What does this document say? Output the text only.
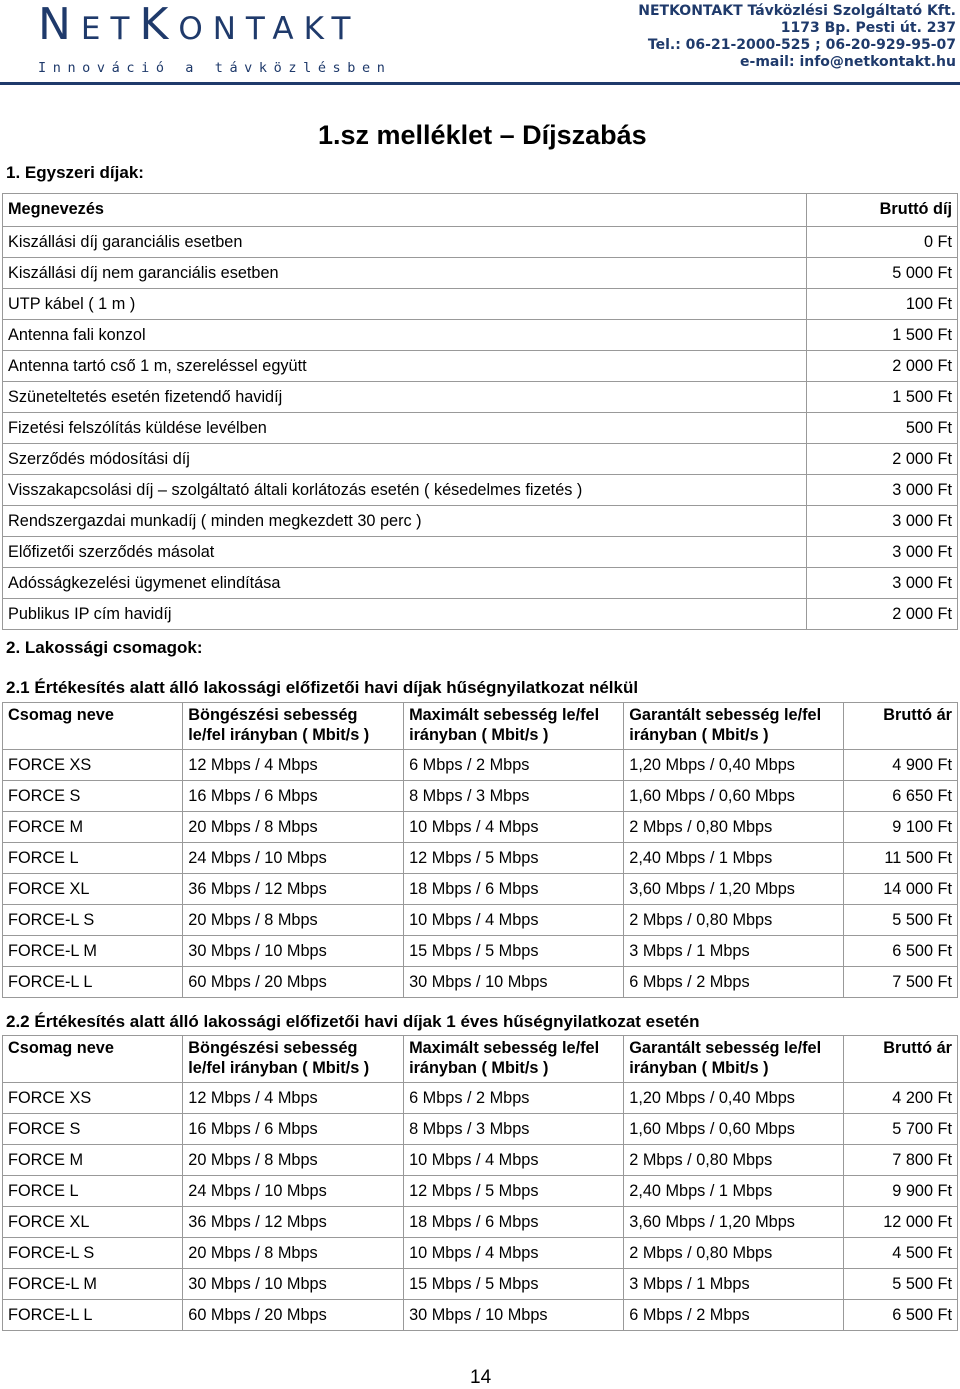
NETKONTAKT
Innováció a távközlésben
NETKONTAKT Távközlési Szolgáltató Kft.
1173 Bp. Pesti út. 237
Tel.: 06-21-2000-525 ; 06-20-929-95-07
e-mail: info@netkontakt.hu
1.sz melléklet – Díjszabás
1. Egyszeri díjak:
Megnevezés	Bruttó díj
Kiszállási díj garanciális esetben	0 Ft
Kiszállási díj nem garanciális esetben	5 000 Ft
UTP kábel ( 1 m )	100 Ft
Antenna fali konzol	1 500 Ft
Antenna tartó cső 1 m, szereléssel együtt	2 000 Ft
Szüneteltetés esetén fizetendő havidíj	1 500 Ft
Fizetési felszólítás küldése levélben	500 Ft
Szerződés módosítási díj	2 000 Ft
Visszakapcsolási díj – szolgáltató általi korlátozás esetén ( késedelmes fizetés )	3 000 Ft
Rendszergazdai munkadíj ( minden megkezdett 30 perc )	3 000 Ft
Előfizetői szerződés másolat	3 000 Ft
Adósságkezelési ügymenet elindítása	3 000 Ft
Publikus IP cím havidíj	2 000 Ft
2. Lakossági csomagok:
2.1 Értékesítés alatt álló lakossági előfizetői havi díjak hűségnyilatkozat nélkül
Csomag neve	Böngészési sebesség le/fel irányban ( Mbit/s )	Maximált sebesség le/fel irányban ( Mbit/s )	Garantált sebesség le/fel irányban ( Mbit/s )	Bruttó ár
FORCE XS	12 Mbps / 4 Mbps	6 Mbps / 2 Mbps	1,20 Mbps / 0,40 Mbps	4 900 Ft
FORCE S	16 Mbps / 6 Mbps	8 Mbps / 3 Mbps	1,60 Mbps / 0,60 Mbps	6 650 Ft
FORCE M	20 Mbps / 8 Mbps	10 Mbps / 4 Mbps	2 Mbps / 0,80 Mbps	9 100 Ft
FORCE L	24 Mbps / 10 Mbps	12 Mbps / 5 Mbps	2,40 Mbps / 1 Mbps	11 500 Ft
FORCE XL	36 Mbps / 12 Mbps	18 Mbps / 6 Mbps	3,60 Mbps / 1,20 Mbps	14 000 Ft
FORCE-L S	20 Mbps / 8 Mbps	10 Mbps / 4 Mbps	2 Mbps / 0,80 Mbps	5 500 Ft
FORCE-L M	30 Mbps / 10 Mbps	15 Mbps / 5 Mbps	3 Mbps / 1 Mbps	6 500 Ft
FORCE-L L	60 Mbps / 20 Mbps	30 Mbps / 10 Mbps	6 Mbps / 2 Mbps	7 500 Ft
2.2 Értékesítés alatt álló lakossági előfizetői havi díjak 1 éves hűségnyilatkozat esetén
Csomag neve	Böngészési sebesség le/fel irányban ( Mbit/s )	Maximált sebesség le/fel irányban ( Mbit/s )	Garantált sebesség le/fel irányban ( Mbit/s )	Bruttó ár
FORCE XS	12 Mbps / 4 Mbps	6 Mbps / 2 Mbps	1,20 Mbps / 0,40 Mbps	4 200 Ft
FORCE S	16 Mbps / 6 Mbps	8 Mbps / 3 Mbps	1,60 Mbps / 0,60 Mbps	5 700 Ft
FORCE M	20 Mbps / 8 Mbps	10 Mbps / 4 Mbps	2 Mbps / 0,80 Mbps	7 800 Ft
FORCE L	24 Mbps / 10 Mbps	12 Mbps / 5 Mbps	2,40 Mbps / 1 Mbps	9 900 Ft
FORCE XL	36 Mbps / 12 Mbps	18 Mbps / 6 Mbps	3,60 Mbps / 1,20 Mbps	12 000 Ft
FORCE-L S	20 Mbps / 8 Mbps	10 Mbps / 4 Mbps	2 Mbps / 0,80 Mbps	4 500 Ft
FORCE-L M	30 Mbps / 10 Mbps	15 Mbps / 5 Mbps	3 Mbps / 1 Mbps	5 500 Ft
FORCE-L L	60 Mbps / 20 Mbps	30 Mbps / 10 Mbps	6 Mbps / 2 Mbps	6 500 Ft
14
